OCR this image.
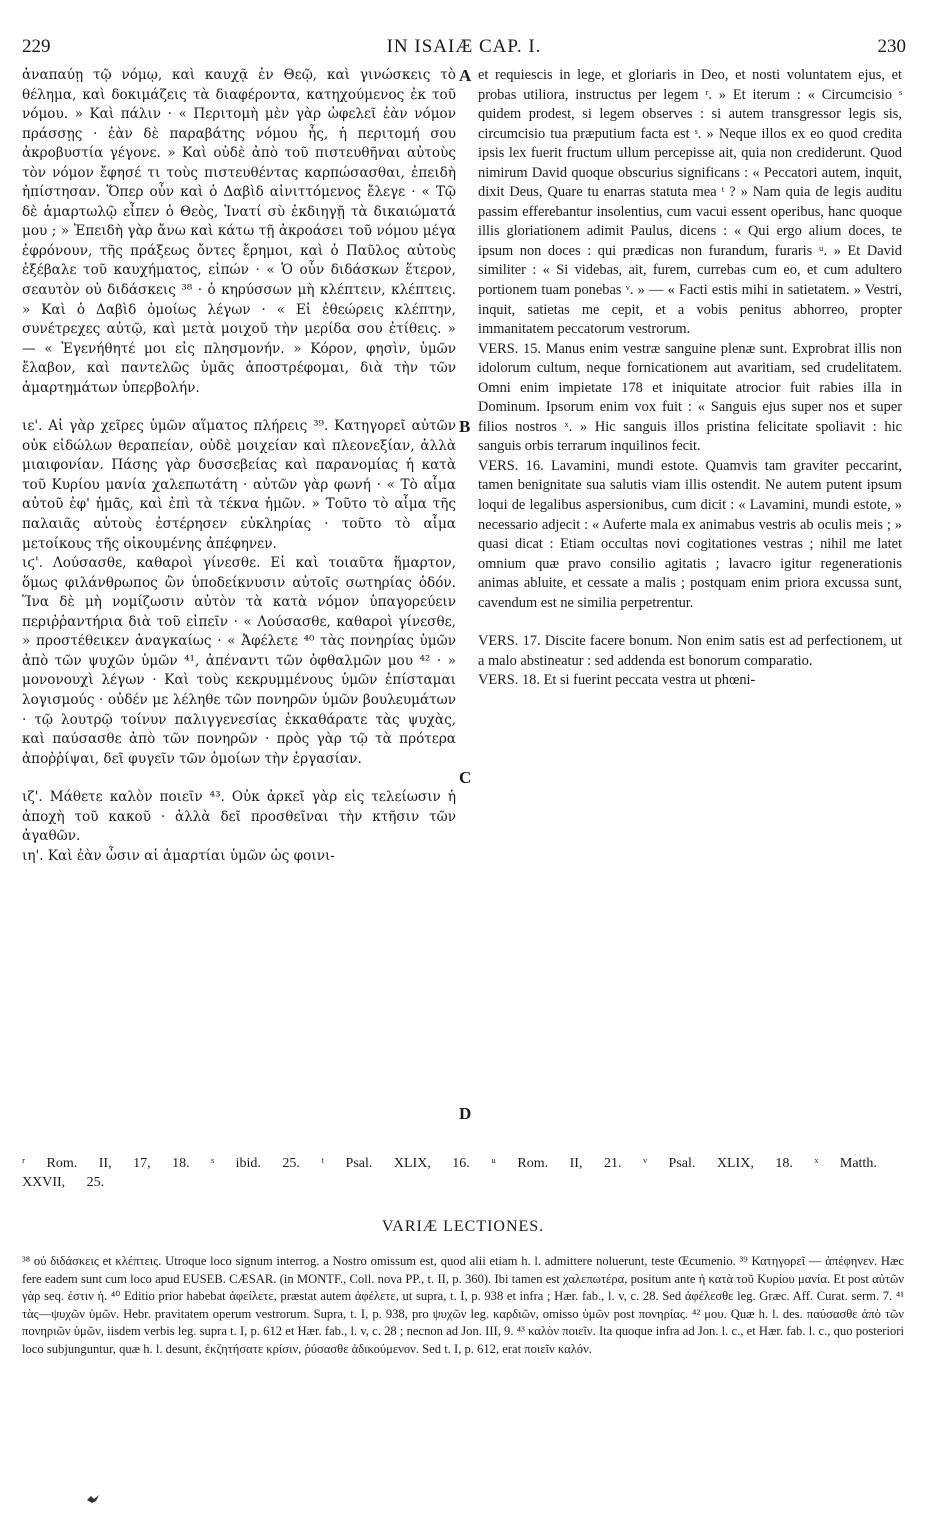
229	IN ISAIÆ CAP. I.	230

ἀναπαύῃ τῷ νόμῳ, καὶ καυχᾷ ἐν Θεῷ, καὶ γινώσκεις τὸ θέλημα, καὶ δοκιμάζεις τὰ διαφέροντα, κατηχούμενος ἐκ τοῦ νόμου. » Καὶ πάλιν · « Περιτομὴ μὲν γὰρ ὠφελεῖ ἐὰν νόμον πράσσῃς · ἐὰν δὲ παραβάτης νόμου ἧς, ἡ περιτομή σου ἀκροβυστία γέγονε. » Καὶ οὐδὲ ἀπὸ τοῦ πιστευθῆναι αὐτοὺς τὸν νόμον ἔφησέ τι τοὺς πιστευθέντας καρπώσασθαι, ἐπειδὴ ἠπίστησαν. Ὅπερ οὖν καὶ ὁ Δαβὶδ αἰνιττόμενος ἔλεγε · « Τῷ δὲ ἁμαρτωλῷ εἶπεν ὁ Θεὸς, Ἱνατί σὺ ἐκδιηγῇ τὰ δικαιώματά μου ; » Ἐπειδὴ γὰρ ἄνω καὶ κάτω τῇ ἀκροάσει τοῦ νόμου μέγα ἐφρόνουν, τῆς πράξεως ὄντες ἔρημοι, καὶ ὁ Παῦλος αὐτοὺς ἐξέβαλε τοῦ καυχήματος, εἰπών · « Ὁ οὖν διδάσκων ἕτερον, σεαυτὸν οὐ διδάσκεις ³⁸ · ὁ κηρύσσων μὴ κλέπτειν, κλέπτεις. » Καὶ ὁ Δαβὶδ ὁμοίως λέγων · « Εἰ ἐθεώρεις κλέπτην, συνέτρεχες αὐτῷ, καὶ μετὰ μοιχοῦ τὴν μερίδα σου ἐτίθεις. » — « Ἐγενήθητέ μοι εἰς πλησμονήν. » Κόρον, φησὶν, ὑμῶν ἔλαβον, καὶ παντελῶς ὑμᾶς ἀποστρέφομαι, διὰ τὴν τῶν ἁμαρτημάτων ὑπερβολήν.

ιε'. Αἱ γὰρ χεῖρες ὑμῶν αἵματος πλήρεις ³⁹. Κατηγορεῖ αὐτῶν οὐκ εἰδώλων θεραπείαν, οὐδὲ μοιχείαν καὶ πλεονεξίαν, ἀλλὰ μιαιφονίαν. Πάσης γὰρ δυσσεβείας καὶ παρανομίας ἡ κατὰ τοῦ Κυρίου μανία χαλεπωτάτη · αὐτῶν γὰρ φωνή · « Τὸ αἷμα αὐτοῦ ἐφ' ἡμᾶς, καὶ ἐπὶ τὰ τέκνα ἡμῶν. » Τοῦτο τὸ αἷμα τῆς παλαιᾶς αὐτοὺς ἐστέρησεν εὐκληρίας · τοῦτο τὸ αἷμα μετοίκους τῆς οἰκουμένης ἀπέφηνεν.

ιϛ'. Λούσασθε, καθαροὶ γίνεσθε. Εἰ καὶ τοιαῦτα ἥμαρτον, ὅμως φιλάνθρωπος ὢν ὑποδείκνυσιν αὐτοῖς σωτηρίας ὁδόν. Ἵνα δὲ μὴ νομίζωσιν αὐτὸν τὰ κατὰ νόμον ὑπαγορεύειν περιῤῥαντήρια διὰ τοῦ εἰπεῖν · « Λούσασθε, καθαροὶ γίνεσθε, » προστέθεικεν ἀναγκαίως · « Ἀφέλετε ⁴⁰ τὰς πονηρίας ὑμῶν ἀπὸ τῶν ψυχῶν ὑμῶν ⁴¹, ἀπέναντι τῶν ὀφθαλμῶν μου ⁴² · » μονονουχὶ λέγων · Καὶ τοὺς κεκρυμμένους ὑμῶν ἐπίσταμαι λογισμούς · οὐδέν με λέληθε τῶν πονηρῶν ὑμῶν βουλευμάτων · τῷ λουτρῷ τοίνυν παλιγγενεσίας ἐκκαθάρατε τὰς ψυχὰς, καὶ παύσασθε ἀπὸ τῶν πονηρῶν · πρὸς γὰρ τῷ τὰ πρότερα ἀποῤῥίψαι, δεῖ φυγεῖν τῶν ὁμοίων τὴν ἐργασίαν.

ιζ'. Μάθετε καλὸν ποιεῖν ⁴³. Οὐκ ἀρκεῖ γὰρ εἰς τελείωσιν ἡ ἀποχὴ τοῦ κακοῦ · ἀλλὰ δεῖ προσθεῖναι τὴν κτῆσιν τῶν ἀγαθῶν.

ιη'. Καὶ ἐὰν ὦσιν αἱ ἁμαρτίαι ὑμῶν ὡς φοινι-

A
B
C
D

et requiescis in lege, et gloriaris in Deo, et nosti voluntatem ejus, et probas utiliora, instructus per legem ʳ. » Et iterum : « Circumcisio ˢ quidem prodest, si legem observes : si autem transgressor legis sis, circumcisio tua præputium facta est ˢ. » Neque illos ex eo quod credita ipsis lex fuerit fructum ullum percepisse ait, quia non crediderunt. Quod nimirum David quoque obscurius significans : « Peccatori autem, inquit, dixit Deus, Quare tu enarras statuta mea ᵗ ? » Nam quia de legis auditu passim efferebantur insolentius, cum vacui essent operibus, hanc quoque illis gloriationem adimit Paulus, dicens : « Qui ergo alium doces, te ipsum non doces : qui prædicas non furandum, furaris ᵘ. » Et David similiter : « Si videbas, ait, furem, currebas cum eo, et cum adultero portionem tuam ponebas ᵛ. » — « Facti estis mihi in satietatem. » Vestri, inquit, satietas me cepit, et a vobis penitus abhorreo, propter immanitatem peccatorum vestrorum.

VERS. 15. Manus enim vestræ sanguine plenæ sunt. Exprobrat illis non idolorum cultum, neque fornicationem aut avaritiam, sed crudelitatem. Omni enim impietate 178 et iniquitate atrocior fuit rabies illa in Dominum. Ipsorum enim vox fuit : « Sanguis ejus super nos et super filios nostros ˣ. » Hic sanguis illos pristina felicitate spoliavit : hic sanguis orbis terrarum inquilinos fecit.

VERS. 16. Lavamini, mundi estote. Quamvis tam graviter peccarint, tamen benignitate sua salutis viam illis ostendit. Ne autem putent ipsum loqui de legalibus aspersionibus, cum dicit : « Lavamini, mundi estote, » necessario adjecit : « Auferte mala ex animabus vestris ab oculis meis ; » quasi dicat : Etiam occultas novi cogitationes vestras ; nihil me latet omnium quæ pravo consilio agitatis ; lavacro igitur regenerationis animas abluite, et cessate a malis ; postquam enim priora excussa sunt, cavendum est ne similia perpetrentur.

VERS. 17. Discite facere bonum. Non enim satis est ad perfectionem, ut a malo abstineatur : sed addenda est bonorum comparatio.

VERS. 18. Et si fuerint peccata vestra ut phœni-

ʳ Rom. II, 17, 18. ˢ ibid. 25. ᵗ Psal. XLIX, 16. ᵘ Rom. II, 21. ᵛ Psal. XLIX, 18. ˣ Matth. XXVII, 25.
VARIÆ LECTIONES.
³⁸ οὐ διδάσκεις et κλέπτεις. Utroque loco signum interrog. a Nostro omissum est, quod alii etiam h. l. admittere noluerunt, teste Œcumenio. ³⁹ Κατηγορεῖ — ἀπέφηνεν. Hæc fere eadem sunt cum loco apud EUSEB. CÆSAR. (in MONTF., Coll. nova PP., t. II, p. 360). Ibi tamen est χαλεπωτέρα, positum ante ἡ κατὰ τοῦ Κυρίου μανία. Et post αὐτῶν γὰρ seq. ἐστιν ἡ. ⁴⁰ Editio prior habebat ἀφείλετε, præstat autem ἀφέλετε, ut supra, t. I, p. 938 et infra ; Hær. fab., l. v, c. 28. Sed ἀφέλεσθε leg. Græc. Aff. Curat. serm. 7. ⁴¹ τὰς—ψυχῶν ὑμῶν. Hebr. pravitatem operum vestrorum. Supra, t. I, p. 938, pro ψυχῶν leg. καρδιῶν, omisso ὑμῶν post πονηρίας. ⁴² μου. Quæ h. l. des. παύσασθε ἀπὸ τῶν πονηριῶν ὑμῶν, iisdem verbis leg. supra t. I, p. 612 et Hær. fab., l. v, c. 28 ; necnon ad Jon. III, 9. ⁴³ καλὸν ποιεῖν. Ita quoque infra ad Jon. l. c., et Hær. fab. l. c., quo posteriori loco subjunguntur, quæ h. l. desunt, ἐκζητήσατε κρίσιν, ῥύσασθε ἀδικούμενον. Sed t. I, p. 612, erat ποιεῖν καλόν.
